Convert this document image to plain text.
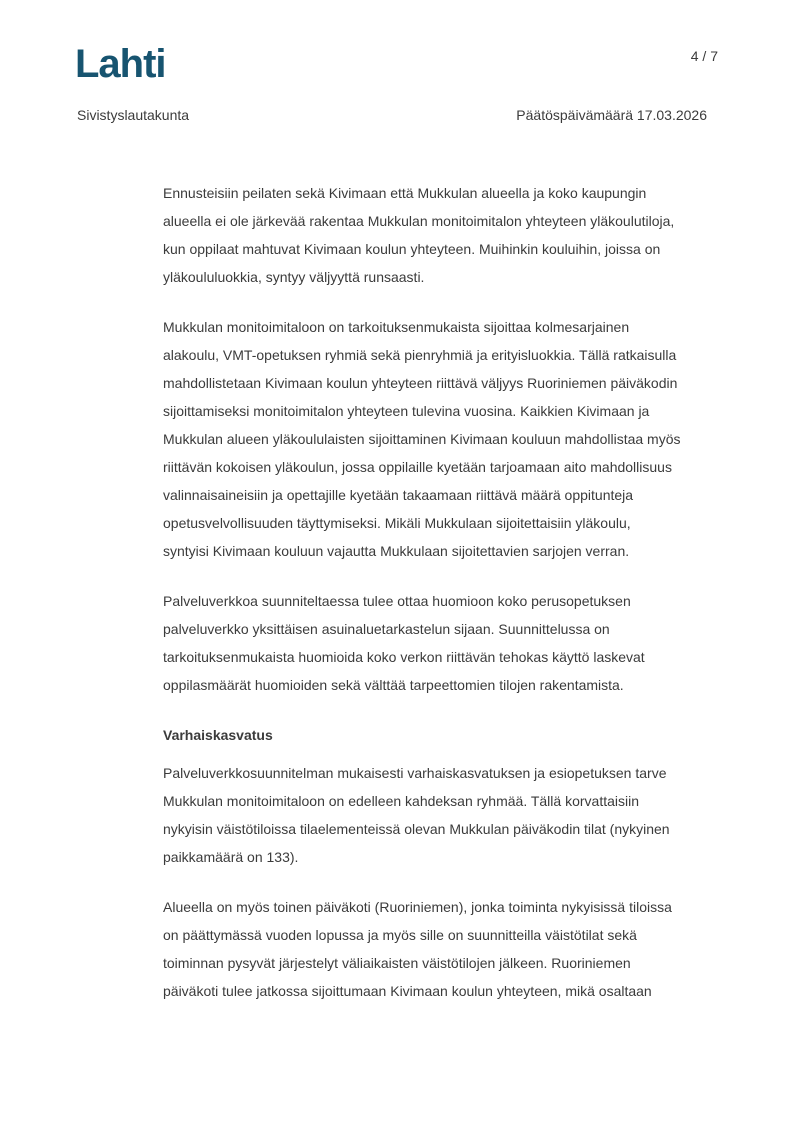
Lahti	4 / 7
Sivistyslautakunta	Päätöspäivämäärä 17.03.2026
Ennusteisiin peilaten sekä Kivimaan että Mukkulan alueella ja koko kaupungin
alueella ei ole järkevää rakentaa Mukkulan monitoimitalon yhteyteen yläkoulutiloja,
kun oppilaat mahtuvat Kivimaan koulun yhteyteen. Muihinkin kouluihin, joissa on
yläkoululuokkia, syntyy väljyyttä runsaasti.
Mukkulan monitoimitaloon on tarkoituksenmukaista sijoittaa kolmesarjainen
alakoulu, VMT-opetuksen ryhmiä sekä pienryhmiä ja erityisluokkia. Tällä ratkaisulla
mahdollistetaan Kivimaan koulun yhteyteen riittävä väljyys Ruoriniemen päiväkodin
sijoittamiseksi monitoimitalon yhteyteen tulevina vuosina. Kaikkien Kivimaan ja
Mukkulan alueen yläkoululaisten sijoittaminen Kivimaan kouluun mahdollistaa myös
riittävän kokoisen yläkoulun, jossa oppilaille kyetään tarjoamaan aito mahdollisuus
valinnaisaineisiin ja opettajille kyetään takaamaan riittävä määrä oppitunteja
opetusvelvollisuuden täyttymiseksi. Mikäli Mukkulaan sijoitettaisiin yläkoulu,
syntyisi Kivimaan kouluun vajautta Mukkulaan sijoitettavien sarjojen verran.
Palveluverkkoa suunniteltaessa tulee ottaa huomioon koko perusopetuksen
palveluverkko yksittäisen asuinaluetarkastelun sijaan. Suunnittelussa on
tarkoituksenmukaista huomioida koko verkon riittävän tehokas käyttö laskevat
oppilasmäärät huomioiden sekä välttää tarpeettomien tilojen rakentamista.
Varhaiskasvatus
Palveluverkkosuunnitelman mukaisesti varhaiskasvatuksen ja esiopetuksen tarve
Mukkulan monitoimitaloon on edelleen kahdeksan ryhmää. Tällä korvattaisiin
nykyisin väistötiloissa tilaelementeissä olevan Mukkulan päiväkodin tilat (nykyinen
paikkamäärä on 133).
Alueella on myös toinen päiväkoti (Ruoriniemen), jonka toiminta nykyisissä tiloissa
on päättymässä vuoden lopussa ja myös sille on suunnitteilla väistötilat sekä
toiminnan pysyvät järjestelyt väliaikaisten väistötilojen jälkeen. Ruoriniemen
päiväkoti tulee jatkossa sijoittumaan Kivimaan koulun yhteyteen, mikä osaltaan
